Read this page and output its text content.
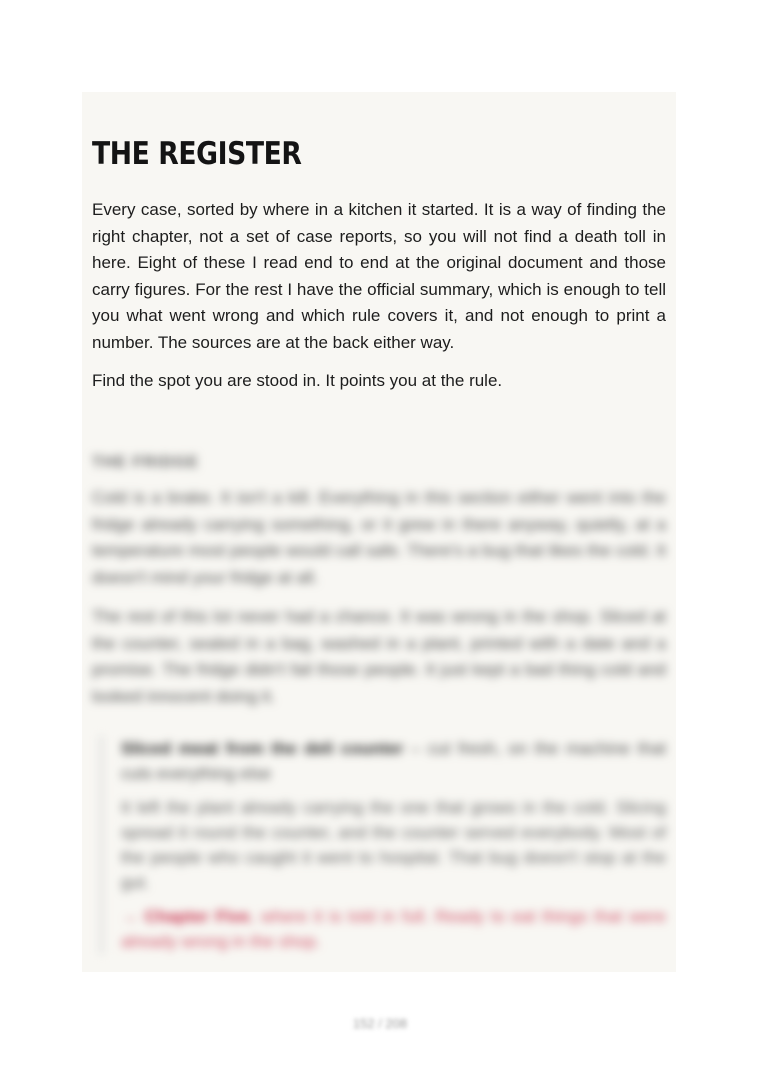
THE REGISTER

Every case, sorted by where in a kitchen it started. It is a way of finding the right chapter, not a set of case reports, so you will not find a death toll in here. Eight of these I read end to end at the original document and those carry figures. For the rest I have the official summary, which is enough to tell you what went wrong and which rule covers it, and not enough to print a number. The sources are at the back either way.

Find the spot you are stood in. It points you at the rule.

THE FRIDGE

Cold is a brake. It isn't a kill. Everything in this section either went into the fridge already carrying something, or it grew in there anyway, quietly, at a temperature most people would call safe. There's a bug that likes the cold. It doesn't mind your fridge at all.

The rest of this lot never had a chance. It was wrong in the shop. Sliced at the counter, sealed in a bag, washed in a plant, printed with a date and a promise. The fridge didn't fail those people. It just kept a bad thing cold and looked innocent doing it.

Sliced meat from the deli counter – cut fresh, on the machine that cuts everything else

It left the plant already carrying the one that grows in the cold. Slicing spread it round the counter, and the counter served everybody. Most of the people who caught it went to hospital. That bug doesn't stop at the gut.

→ Chapter Five, where it is told in full. Ready to eat things that were already wrong in the shop.

152 / 208
